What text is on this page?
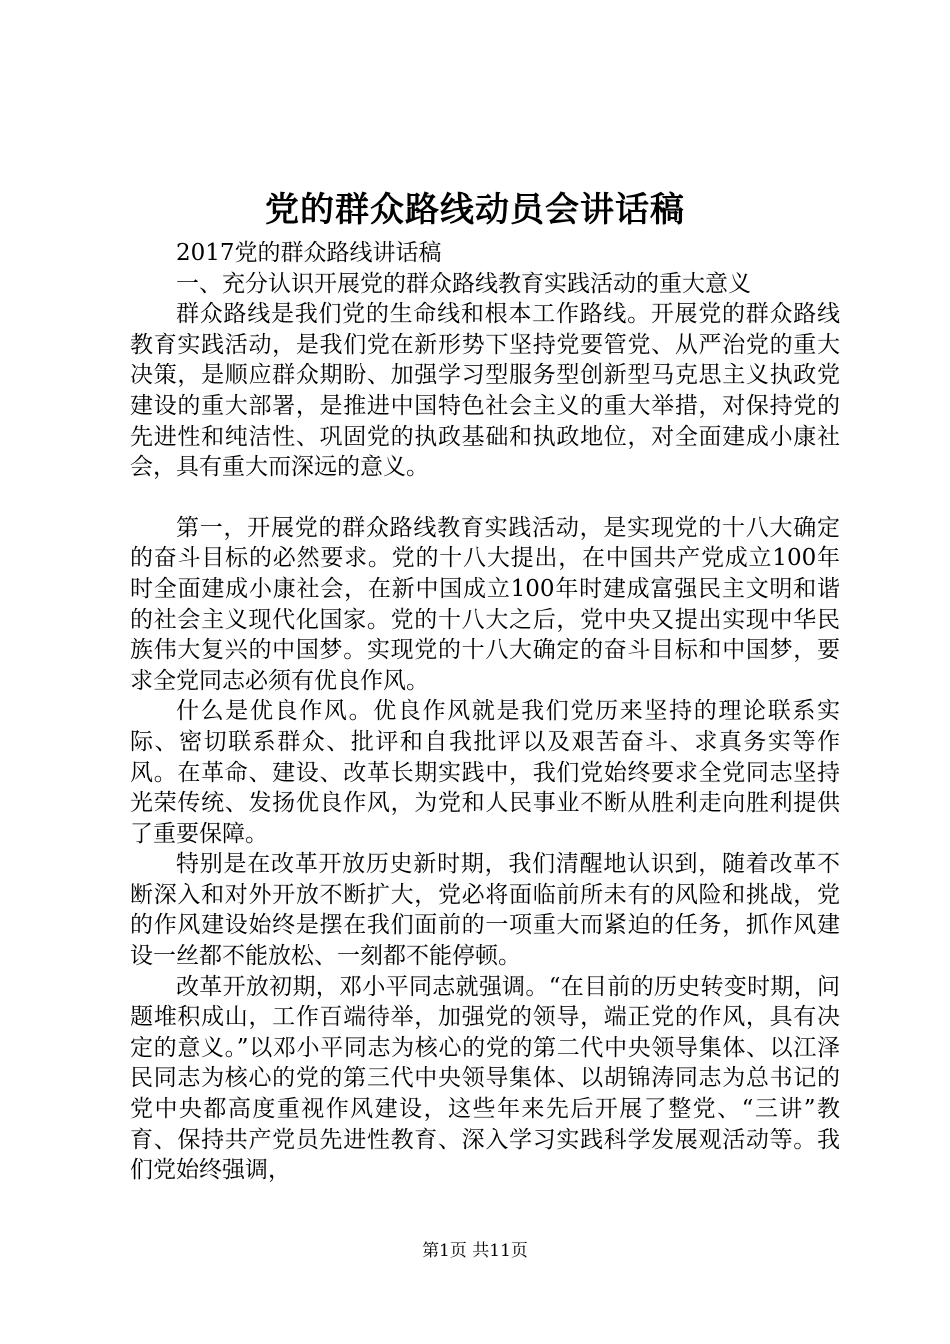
党的群众路线动员会讲话稿

2017党的群众路线讲话稿

一、充分认识开展党的群众路线教育实践活动的重大意义

群众路线是我们党的生命线和根本工作路线。开展党的群众路线教育实践活动，是我们党在新形势下坚持党要管党、从严治党的重大决策，是顺应群众期盼、加强学习型服务型创新型马克思主义执政党建设的重大部署，是推进中国特色社会主义的重大举措，对保持党的先进性和纯洁性、巩固党的执政基础和执政地位，对全面建成小康社会，具有重大而深远的意义。

第一，开展党的群众路线教育实践活动，是实现党的十八大确定的奋斗目标的必然要求。党的十八大提出，在中国共产党成立100年时全面建成小康社会，在新中国成立100年时建成富强民主文明和谐的社会主义现代化国家。党的十八大之后，党中央又提出实现中华民族伟大复兴的中国梦。实现党的十八大确定的奋斗目标和中国梦，要求全党同志必须有优良作风。

什么是优良作风。优良作风就是我们党历来坚持的理论联系实际、密切联系群众、批评和自我批评以及艰苦奋斗、求真务实等作风。在革命、建设、改革长期实践中，我们党始终要求全党同志坚持光荣传统、发扬优良作风，为党和人民事业不断从胜利走向胜利提供了重要保障。

特别是在改革开放历史新时期，我们清醒地认识到，随着改革不断深入和对外开放不断扩大，党必将面临前所未有的风险和挑战，党的作风建设始终是摆在我们面前的一项重大而紧迫的任务，抓作风建设一丝都不能放松、一刻都不能停顿。

改革开放初期，邓小平同志就强调。“在目前的历史转变时期，问题堆积成山，工作百端待举，加强党的领导，端正党的作风，具有决定的意义。”以邓小平同志为核心的党的第二代中央领导集体、以江泽民同志为核心的党的第三代中央领导集体、以胡锦涛同志为总书记的党中央都高度重视作风建设，这些年来先后开展了整党、“三讲”教育、保持共产党员先进性教育、深入学习实践科学发展观活动等。我们党始终强调，

第1页 共11页
